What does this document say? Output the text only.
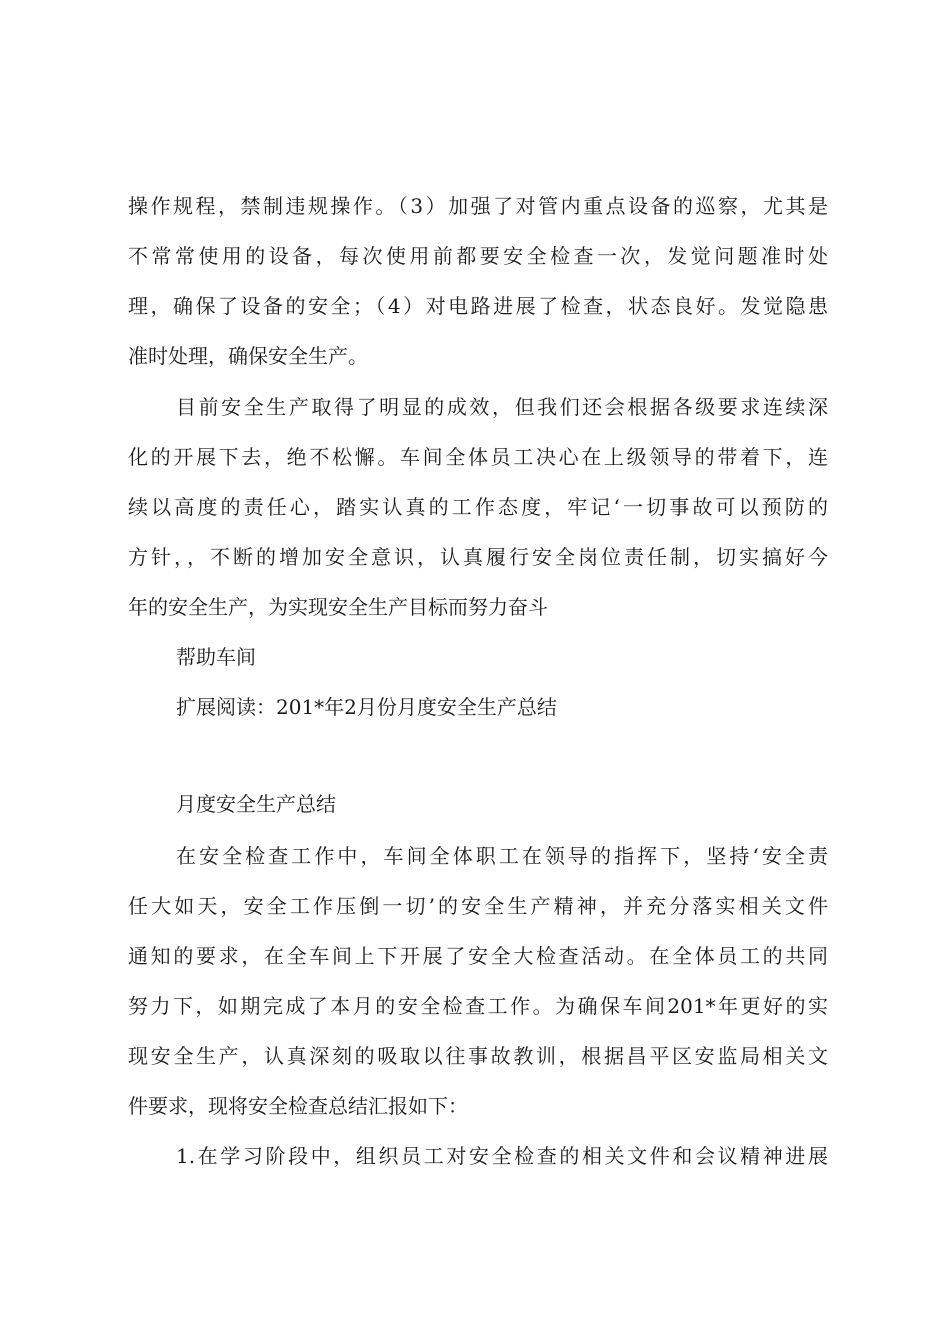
操作规程，禁制违规操作。（3）加强了对管内重点设备的巡察，尤其是
不常常使用的设备，每次使用前都要安全检查一次，发觉问题准时处
理，确保了设备的安全；（4）对电路进展了检查，状态良好。发觉隐患
准时处理，确保安全生产。
目前安全生产取得了明显的成效，但我们还会根据各级要求连续深
化的开展下去，绝不松懈。车间全体员工决心在上级领导的带着下，连
续以高度的责任心，踏实认真的工作态度，牢记‘一切事故可以预防的
方针，，不断的增加安全意识，认真履行安全岗位责任制，切实搞好今
年的安全生产，为实现安全生产目标而努力奋斗
帮助车间
扩展阅读：201*年2月份月度安全生产总结
月度安全生产总结
在安全检查工作中，车间全体职工在领导的指挥下，坚持‘安全责
任大如天，安全工作压倒一切’的安全生产精神，并充分落实相关文件
通知的要求，在全车间上下开展了安全大检查活动。在全体员工的共同
努力下，如期完成了本月的安全检查工作。为确保车间201*年更好的实
现安全生产，认真深刻的吸取以往事故教训，根据昌平区安监局相关文
件要求，现将安全检查总结汇报如下：
1.在学习阶段中，组织员工对安全检查的相关文件和会议精神进展
